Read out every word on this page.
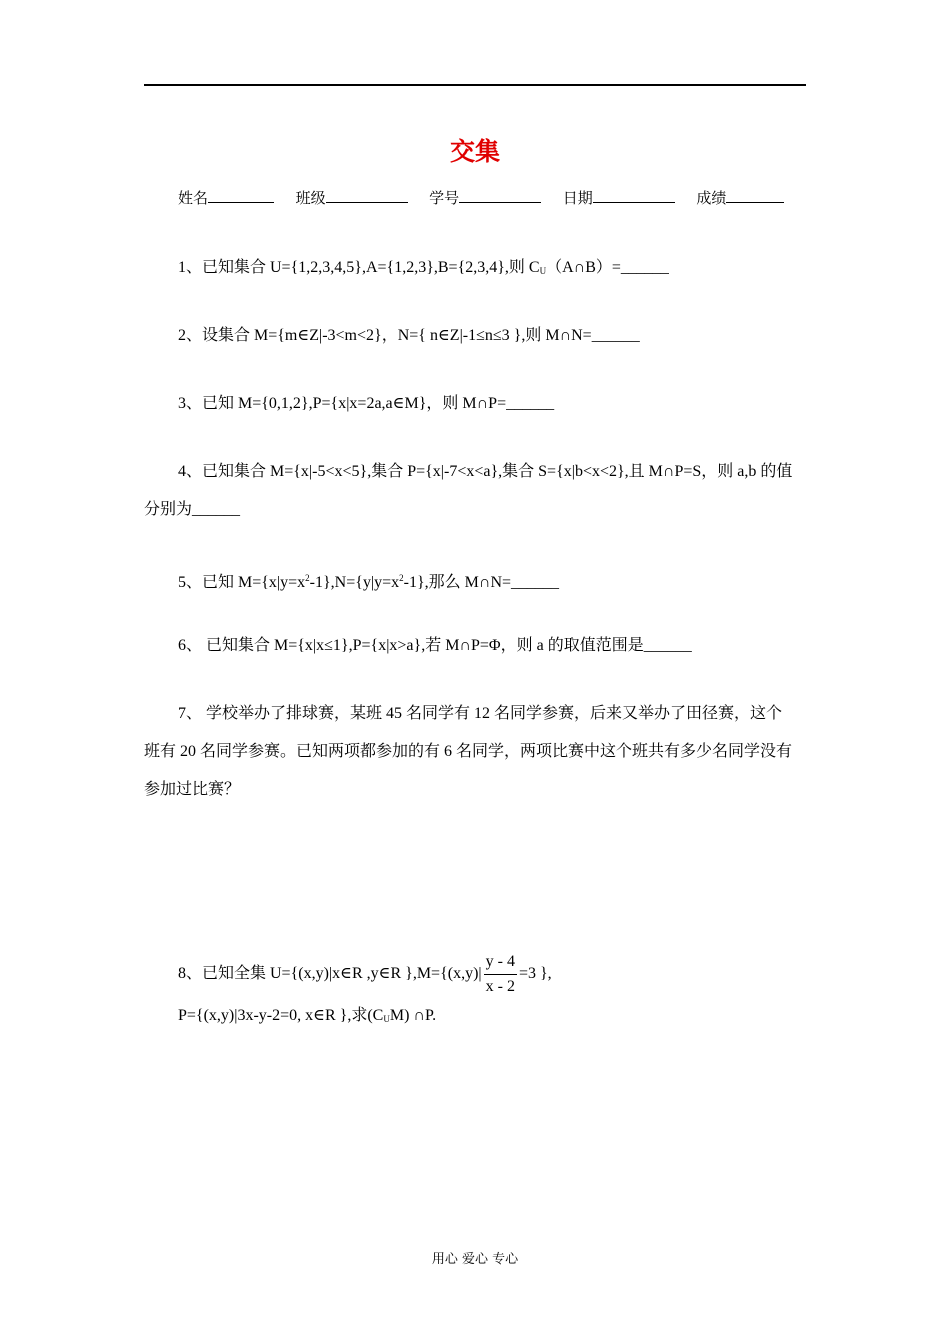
交集
姓名	班级	学号	日期	成绩
1、已知集合 U={1,2,3,4,5},A={1,2,3},B={2,3,4},则 $C_U(A\cap B)=\_\_\_\_\_\_$
2、设集合 M={m∈Z|-3<m<2}，N={ n∈Z|-1≤n≤3 },则 M∩N=______
3、已知 M={0,1,2},P={x|x=2a,a∈M}，则 M∩P=______
4、已知集合 M={x|-5<x<5},集合 P={x|-7<x<a},集合 S={x|b<x<2},且 M∩P=S，则 a,b 的值
分别为______
5、已知 $M=\{x|y=x^2-1\},N=\{y|y=x^2-1\}$,那么 M∩N=______
6、 已知集合 M={x|x≤1},P={x|x>a},若 M∩P=Φ，则 a 的取值范围是______
7、 学校举办了排球赛，某班 45 名同学有 12 名同学参赛，后来又举办了田径赛，这个
班有 20 名同学参赛。已知两项都参加的有 6 名同学，两项比赛中这个班共有多少名同学没有
参加过比赛？
8、已知全集 U={(x,y)|x∈R ,y∈R }$,M=\{(x,y)| \frac{y - 4}{x - 2} =3$ },
P={(x,y)|3x-y-2=0, x∈R },求$(C_UM)$ ∩P.
用心 爱心 专心
